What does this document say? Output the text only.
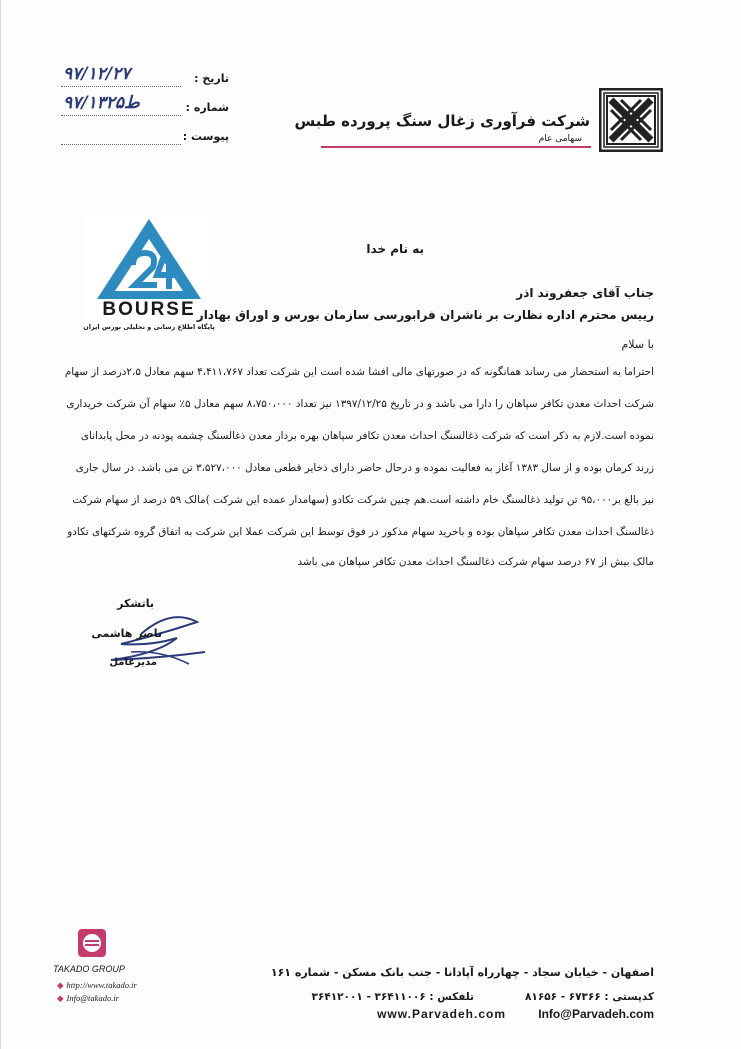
۹۷/۱۲/۲۷	تاریخ :
ط۹۷/۱۳۲۵	شماره :
پیوست :
شرکت فرآوری زغال سنگ پرورده طبس
سهامی عام
BOURSE
پایگاه اطلاع رسانی و تحلیلی بورس ایران
به نام خدا
جناب آقای جعفروند اذر
رییس محترم اداره نظارت بر ناشران فرابورسی سازمان بورس و اوراق بهادار
با سلام
احتراما به استحضار می رساند همانگونه که در صورتهای مالی افشا شده است این شرکت تعداد ۴،۴۱۱،۷۶۷ سهم معادل ۲،۵درصد از سهام
شرکت احداث معدن تکافر سپاهان را دارا می باشد و در تاریخ ۱۳۹۷/۱۲/۲۵ نیز تعداد ۸،۷۵۰،۰۰۰ سهم معادل ۵٪ سهام آن شرکت خریداری
نموده است.لازم به ذکر است که شرکت ذغالسنگ احداث معدن تکافر سپاهان بهره بردار معدن ذغالسنگ چشمه پودنه در محل پابدانای
زرند کرمان بوده و از سال ۱۳۸۳ آغاز به فعالیت نموده و درحال حاضر دارای ذخایر قطعی معادل ۳،۵۲۷،۰۰۰ تن می باشد. در سال جاری
نیز بالغ بر۹۵،۰۰۰ تن تولید ذغالسنگ خام داشته است.هم چنین شرکت تکادو (سهامدار عمده این شرکت )مالک ۵۹ درصد از سهام شرکت
ذغالسنگ احداث معدن تکافر سپاهان بوده و باخرید سهام مذکور در فوق توسط این شرکت عملا این شرکت به اتفاق گروه شرکتهای تکادو
مالک بیش از ۶۷ درصد سهام شرکت ذغالسنگ احداث معدن تکافر سپاهان می باشد
باتشکر
ناصر هاشمی
مدیرعامل
TAKADO GROUP
◆ http://www.takado.ir
◆ Info@takado.ir
اصفهان - خیابان سجاد - چهارراه آپادانا - جنب بانک مسکن - شماره ۱۶۱
کدپستی : ۶۷۳۶۶ - ۸۱۶۵۶
تلفکس : ۳۶۴۱۱۰۰۶ - ۳۶۴۱۲۰۰۱
Info@Parvadeh.com
www.Parvadeh.com
